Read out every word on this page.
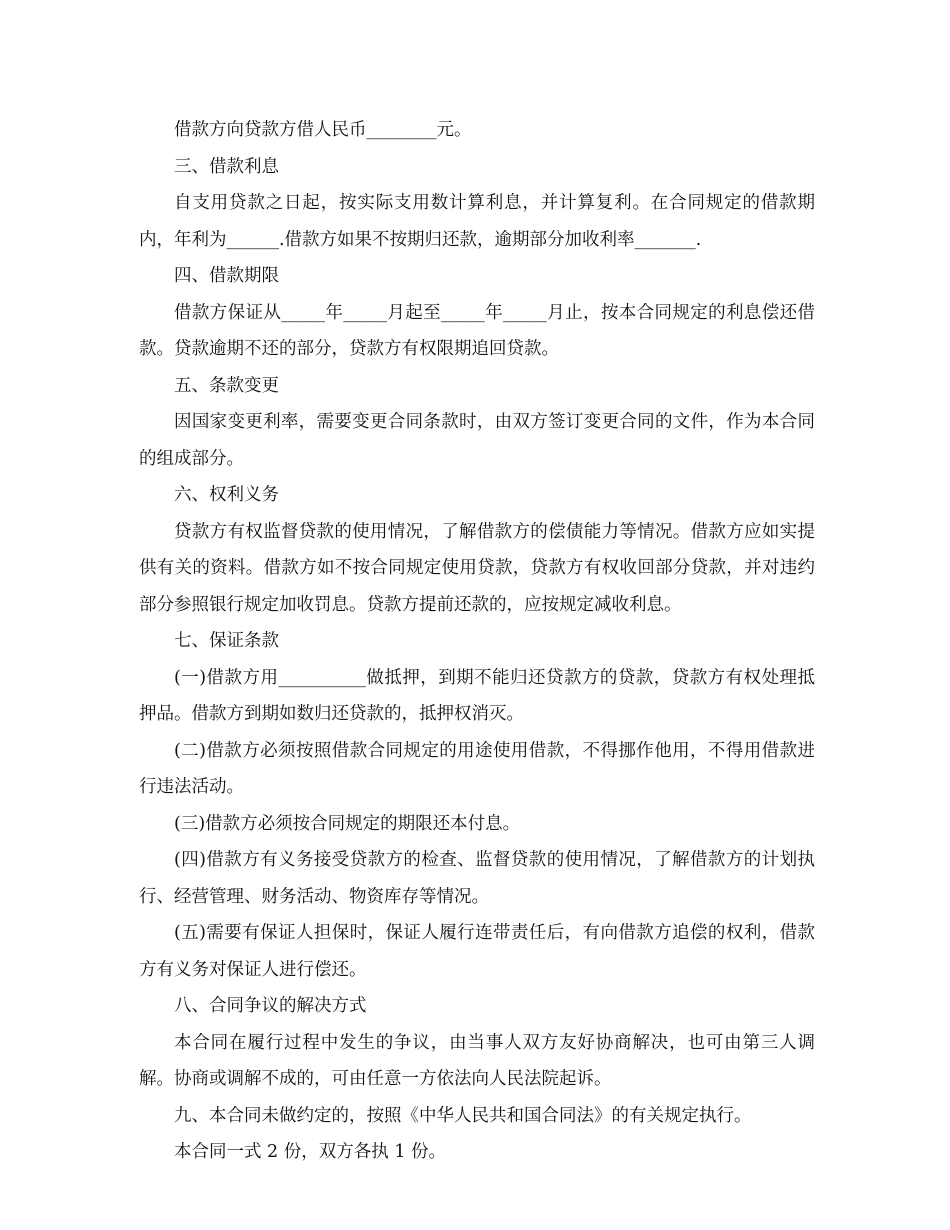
借款方向贷款方借人民币________元。

三、借款利息

自支用贷款之日起，按实际支用数计算利息，并计算复利。在合同规定的借款期内，年利为______.借款方如果不按期归还款，逾期部分加收利率_______.

四、借款期限

借款方保证从_____年_____月起至_____年_____月止，按本合同规定的利息偿还借款。贷款逾期不还的部分，贷款方有权限期追回贷款。

五、条款变更

因国家变更利率，需要变更合同条款时，由双方签订变更合同的文件，作为本合同的组成部分。

六、权利义务

贷款方有权监督贷款的使用情况，了解借款方的偿债能力等情况。借款方应如实提供有关的资料。借款方如不按合同规定使用贷款，贷款方有权收回部分贷款，并对违约部分参照银行规定加收罚息。贷款方提前还款的，应按规定减收利息。

七、保证条款

(一)借款方用__________做抵押，到期不能归还贷款方的贷款，贷款方有权处理抵押品。借款方到期如数归还贷款的，抵押权消灭。

(二)借款方必须按照借款合同规定的用途使用借款，不得挪作他用，不得用借款进行违法活动。

(三)借款方必须按合同规定的期限还本付息。

(四)借款方有义务接受贷款方的检查、监督贷款的使用情况，了解借款方的计划执行、经营管理、财务活动、物资库存等情况。

(五)需要有保证人担保时，保证人履行连带责任后，有向借款方追偿的权利，借款方有义务对保证人进行偿还。

八、合同争议的解决方式

本合同在履行过程中发生的争议，由当事人双方友好协商解决，也可由第三人调解。协商或调解不成的，可由任意一方依法向人民法院起诉。

九、本合同未做约定的，按照《中华人民共和国合同法》的有关规定执行。

本合同一式 2 份，双方各执 1 份。
